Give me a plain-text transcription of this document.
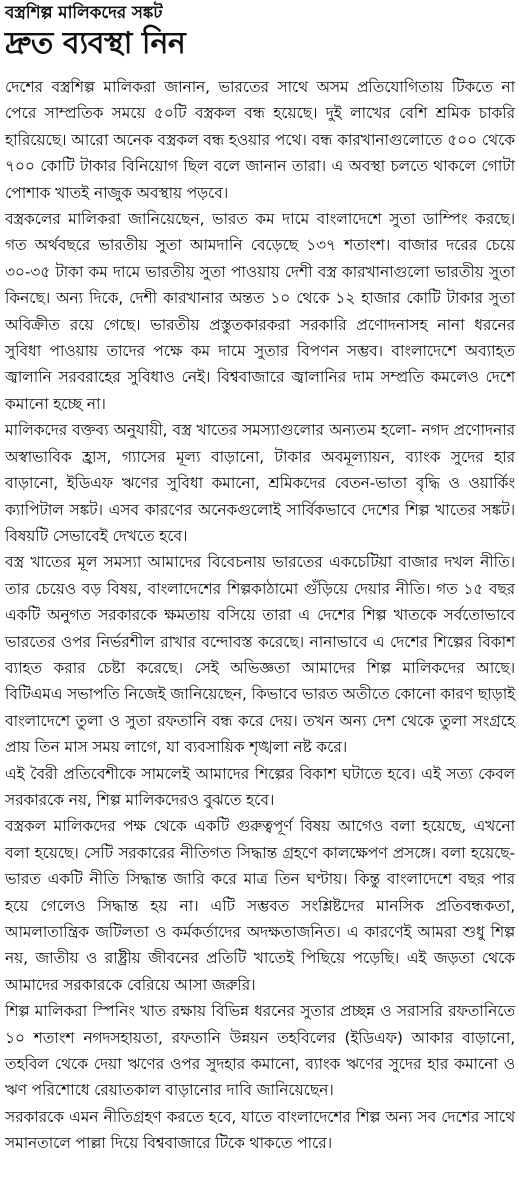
বস্ত্রশিল্প মালিকদের সঙ্কট
দ্রুত ব্যবস্থা নিন

দেশের বস্ত্রশিল্প মালিকরা জানান, ভারতের সাথে অসম প্রতিযোগিতায় টিকতে না পেরে সাম্প্রতিক সময়ে ৫০টি বস্ত্রকল বন্ধ হয়েছে। দুই লাখের বেশি শ্রমিক চাকরি হারিয়েছে। আরো অনেক বস্ত্রকল বন্ধ হওয়ার পথে। বন্ধ কারখানাগুলোতে ৫০০ থেকে ৭০০ কোটি টাকার বিনিয়োগ ছিল বলে জানান তারা। এ অবস্থা চলতে থাকলে গোটা পোশাক খাতই নাজুক অবস্থায় পড়বে।

বস্ত্রকলের মালিকরা জানিয়েছেন, ভারত কম দামে বাংলাদেশে সুতা ডাম্পিং করছে। গত অর্থবছরে ভারতীয় সুতা আমদানি বেড়েছে ১৩৭ শতাংশ। বাজার দরের চেয়ে ৩০-৩৫ টাকা কম দামে ভারতীয় সুতা পাওয়ায় দেশী বস্ত্র কারখানাগুলো ভারতীয় সুতা কিনছে। অন্য দিকে, দেশী কারখানার অন্তত ১০ থেকে ১২ হাজার কোটি টাকার সুতা অবিক্রীত রয়ে গেছে। ভারতীয় প্রস্তুতকারকরা সরকারি প্রণোদনাসহ নানা ধরনের সুবিধা পাওয়ায় তাদের পক্ষে কম দামে সুতার বিপণন সম্ভব। বাংলাদেশে অব্যাহত জ্বালানি সরবরাহের সুবিধাও নেই। বিশ্ববাজারে জ্বালানির দাম সম্প্রতি কমলেও দেশে কমানো হচ্ছে না।

মালিকদের বক্তব্য অনুযায়ী, বস্ত্র খাতের সমস্যাগুলোর অন্যতম হলো- নগদ প্রণোদনার অস্বাভাবিক হ্রাস, গ্যাসের মূল্য বাড়ানো, টাকার অবমূল্যায়ন, ব্যাংক সুদের হার বাড়ানো, ইডিএফ ঋণের সুবিধা কমানো, শ্রমিকদের বেতন-ভাতা বৃদ্ধি ও ওয়ার্কিং ক্যাপিটাল সঙ্কট। এসব কারণের অনেকগুলোই সার্বিকভাবে দেশের শিল্প খাতের সঙ্কট। বিষয়টি সেভাবেই দেখতে হবে।

বস্ত্র খাতের মূল সমস্যা আমাদের বিবেচনায় ভারতের একচেটিয়া বাজার দখল নীতি। তার চেয়েও বড় বিষয়, বাংলাদেশের শিল্পকাঠামো গুঁড়িয়ে দেয়ার নীতি। গত ১৫ বছর একটি অনুগত সরকারকে ক্ষমতায় বসিয়ে তারা এ দেশের শিল্প খাতকে সর্বতোভাবে ভারতের ওপর নির্ভরশীল রাখার বন্দোবস্ত করেছে। নানাভাবে এ দেশের শিল্পের বিকাশ ব্যাহত করার চেষ্টা করেছে। সেই অভিজ্ঞতা আমাদের শিল্প মালিকদের আছে। বিটিএমএ সভাপতি নিজেই জানিয়েছেন, কিভাবে ভারত অতীতে কোনো কারণ ছাড়াই বাংলাদেশে তুলা ও সুতা রফতানি বন্ধ করে দেয়। তখন অন্য দেশ থেকে তুলা সংগ্রহে প্রায় তিন মাস সময় লাগে, যা ব্যবসায়িক শৃঙ্খলা নষ্ট করে।

এই বৈরী প্রতিবেশীকে সামলেই আমাদের শিল্পের বিকাশ ঘটাতে হবে। এই সত্য কেবল সরকারকে নয়, শিল্প মালিকদেরও বুঝতে হবে।

বস্ত্রকল মালিকদের পক্ষ থেকে একটি গুরুত্বপূর্ণ বিষয় আগেও বলা হয়েছে, এখনো বলা হয়েছে। সেটি সরকারের নীতিগত সিদ্ধান্ত গ্রহণে কালক্ষেপণ প্রসঙ্গে। বলা হয়েছে- ভারত একটি নীতি সিদ্ধান্ত জারি করে মাত্র তিন ঘণ্টায়। কিন্তু বাংলাদেশে বছর পার হয়ে গেলেও সিদ্ধান্ত হয় না। এটি সম্ভবত সংশ্লিষ্টদের মানসিক প্রতিবন্ধকতা, আমলাতান্ত্রিক জটিলতা ও কর্মকর্তাদের অদক্ষতাজনিত। এ কারণেই আমরা শুধু শিল্প নয়, জাতীয় ও রাষ্ট্রীয় জীবনের প্রতিটি খাতেই পিছিয়ে পড়েছি। এই জড়তা থেকে আমাদের সরকারকে বেরিয়ে আসা জরুরি।

শিল্প মালিকরা স্পিনিং খাত রক্ষায় বিভিন্ন ধরনের সুতার প্রচ্ছন্ন ও সরাসরি রফতানিতে ১০ শতাংশ নগদসহায়তা, রফতানি উন্নয়ন তহবিলের (ইডিএফ) আকার বাড়ানো, তহবিল থেকে দেয়া ঋণের ওপর সুদহার কমানো, ব্যাংক ঋণের সুদের হার কমানো ও ঋণ পরিশোধে রেয়াতকাল বাড়ানোর দাবি জানিয়েছেন।

সরকারকে এমন নীতিগ্রহণ করতে হবে, যাতে বাংলাদেশের শিল্প অন্য সব দেশের সাথে সমানতালে পাল্লা দিয়ে বিশ্ববাজারে টিকে থাকতে পারে।
